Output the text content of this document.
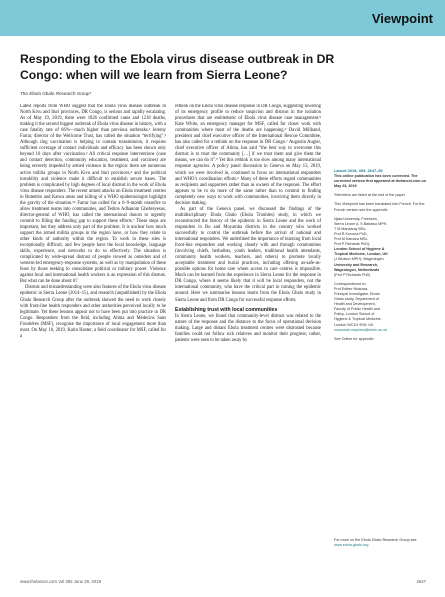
Viewpoint
Responding to the Ebola virus disease outbreak in DR Congo: when will we learn from Sierra Leone?
The Ebola Gbalo Research Group*

Latest reports from WHO suggest that the Ebola virus disease outbreak in North Kivu and Ituri provinces, DR Congo, is serious and rapidly escalating. As of May 19, 2019, there were 1826 confirmed cases and 1218 deaths, making it the second biggest outbreak of Ebola virus disease in history, with a case fatality rate of 66%—much higher than previous outbreaks.¹ Jeremy Farrar, director of the Wellcome Trust, has called the situation “terrifying”.² Although ring vaccination is helping to contain transmission, it requires sufficient coverage of contact individuals and efficacy has been shown only beyond 10 days after vaccination.³ All critical response interventions (case and contact detection, community education, treatment, and vaccines) are being severely impeded by armed violence in the region: there are numerous active militia groups in North Kivu and Ituri provinces,⁴ and the political instability and violence make it difficult to establish secure bases. The problem is complicated by high degrees of local distrust in the work of Ebola virus disease responders. The recent armed attacks on Ebola treatment centres in Butembo and Katwa areas and killing of a WHO epidemiologist highlight the gravity of the situation.⁵⁶ Farrar has called for a 6–9-month ceasefire to allow treatment teams into communities, and Tedros Adhanom Ghebreyesus, director-general of WHO, has called the international donors to urgently commit to filling the funding gap to support these efforts.⁷ These steps are important, but they address only part of the problem. It is unclear how much support the armed militia groups in the region have, or how they relate to other kinds of authority within the region. To work in these sites is exceptionally difficult, and few people have the local knowledge, language skills, experience, and networks to do so effectively. The situation is complicated by wide-spread distrust of people viewed as outsiders and of western-led emergency-response systems, as well as by manipulation of these fears by those seeking to consolidate political or military power. Violence against local and international health workers is an expression of this distrust. But what can be done about it?

Distrust and misunderstanding were also features of the Ebola virus disease epidemic in Sierra Leone (2014–15), and research (unpublished) by the Ebola Gbalo Research Group after the outbreak showed the need to work closely with front-line health responders and other authorities perceived locally to be legitimate. Yet these lessons appear not to have been put into practice in DR Congo. Responders from the field, including Alima and Médecins Sans Frontières (MSF), recognise the importance of local engagement more than most. On May 10, 2019, Karin Huster, a field coordinator for MSF, called for a

rethink on the Ebola virus disease response in DR Congo, suggesting lowering of its emergency profile to reduce suspicion and distrust in the isolation procedures that are emblematic of Ebola virus disease case management.⁸ Kate White, an emergency manager for MSF, called for closer work with communities where most of the deaths are happening.⁹ David Miliband, president and chief executive officer of the International Rescue Committee, has also called for a rethink on the response in DR Congo.⁷ Augustin Augier, chief executive officer of Alima, has said “the best way to overcome this distrust is to trust the community […] if we trust them and give them the means, we can do it”.⁹ Yet this rethink is too slow among many international response agencies. A policy panel discussion in Geneva on May 13, 2019, which we were involved in, continued to focus on international responders and WHO’s coordination efforts.⁶ Many of these efforts regard communities as recipients and supporters rather than as owners of the response. The effort appears to be to do more of the same rather than to commit to finding completely new ways to work with communities, involving them directly in decision making.

As part of the Geneva panel, we discussed the findings of the multidisciplinary Ebola Gbalo (Ebola Troubles) study, in which we reconstructed the history of the epidemic in Sierra Leone and the work of responders in Bo and Moyamba districts in the country who worked successfully to control the outbreak before the arrival of national and international responders. We underlined the importance of learning from local front-line responders and working closely with and through communities (involving chiefs, herbalists, youth leaders, traditional health attendants, community health workers, teachers, and others) to promote locally acceptable treatment and burial practices, including offering as-safe-as-possible options for home care where access to care centres is impossible. Much can be learned from the experience in Sierra Leone for the response in DR Congo, where it seems likely that it will be local responders, not the international community, who have the critical part in turning the epidemic around. Here we summarise lessons learnt from the Ebola Gbalo study in Sierra Leone and from DR Congo for successful response efforts.

Establishing trust with local communities

In Sierra Leone, we found that community-level distrust was related to the nature of the response and the distance to the focus of operational decision making. Large and distant Ebola treatment centres were distrusted because families could not follow sick relatives and monitor their progress; rather, patients were seen to be taken away by

Lancet 2019; 393: 2647–50
This online publication has been corrected. The corrected version first appeared at thelancet.com on May 23, 2019
*Members are listed at the end of the paper
This Viewpoint has been translated into French. For the French version see the appendix
Njala University, Freetown,
Sierra Leone (L S Babawo MPH,
T M Mansaray BSc,
Prof R Koroma PhD,
Prof M Kamara MSc,
Prof P Richards PhD);
London School of Hygiene &
Tropical Medicine, London, UK
(J Bedson MPH); Wageningen
University and Research,
Wageningen, Netherlands
(Prof P Richards PhD)
Correspondence to:
Prof Esther Mokuwa,
Principal Investigator, Ebola
Gbalo study, Department of
Health and Development,
Faculty of Public Health and
Policy, London School of
Hygiene & Tropical Medicine,
London WC1H 9SH, UK
susannah.mayhew@lshtm.ac.uk
See Online for appendix
For more on the Ebola Gbalo Research Group see
www.ebola-gbalo.org
www.thelancet.com Vol 393 June 29, 2019	2647
